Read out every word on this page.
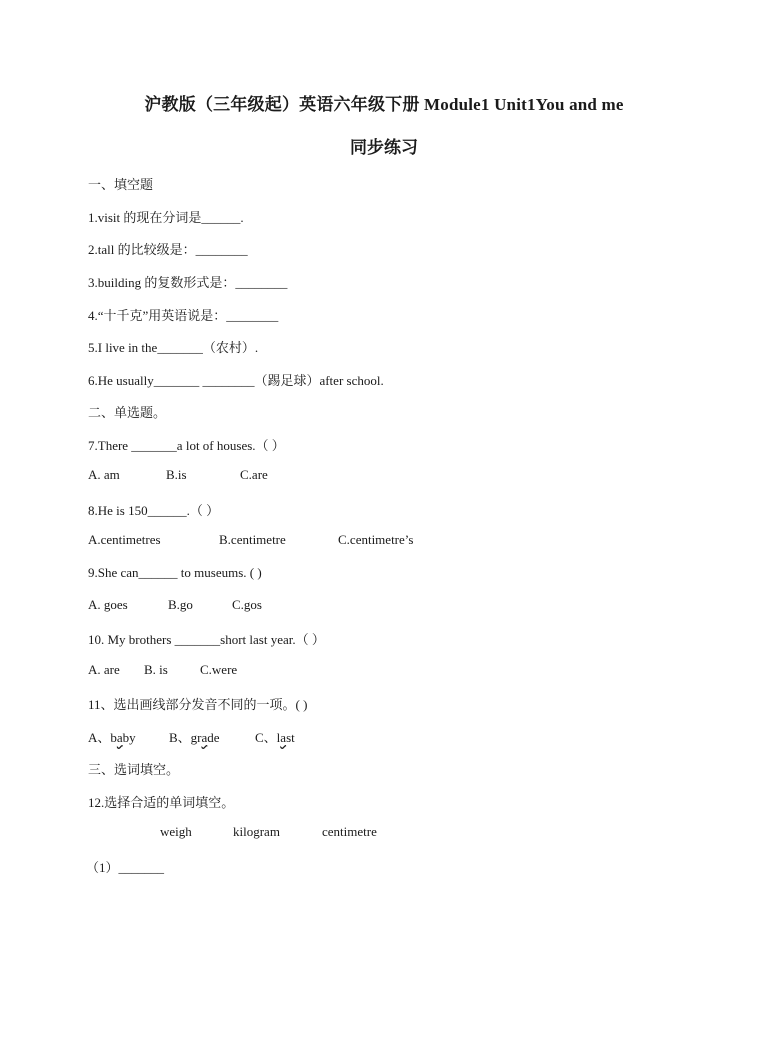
沪教版（三年级起）英语六年级下册 Module1 Unit1You and me
同步练习
一、填空题
1.visit 的现在分词是______.
2.tall 的比较级是：________
3.building 的复数形式是：________
4.“十千克”用英语说是：________
5.I live in the_______（农村）.
6.He usually_______ ________（踢足球）after school.
二、单选题。
7.There _______a lot of houses.（ ）
A. am	B.is	C.are
8.He is 150______.（ ）
A.centimetres	B.centimetre	C.centimetre’s
9.She can______ to museums. ( )
A. goes	B.go	C.gos
10. My brothers _______short last year.（ ）
A. are B. is C.were
11、选出画线部分发音不同的一项。( )
A、baby	B、grade	C、last
三、选词填空。
12.选择合适的单词填空。
weigh	kilogram	centimetre
（1）_______
